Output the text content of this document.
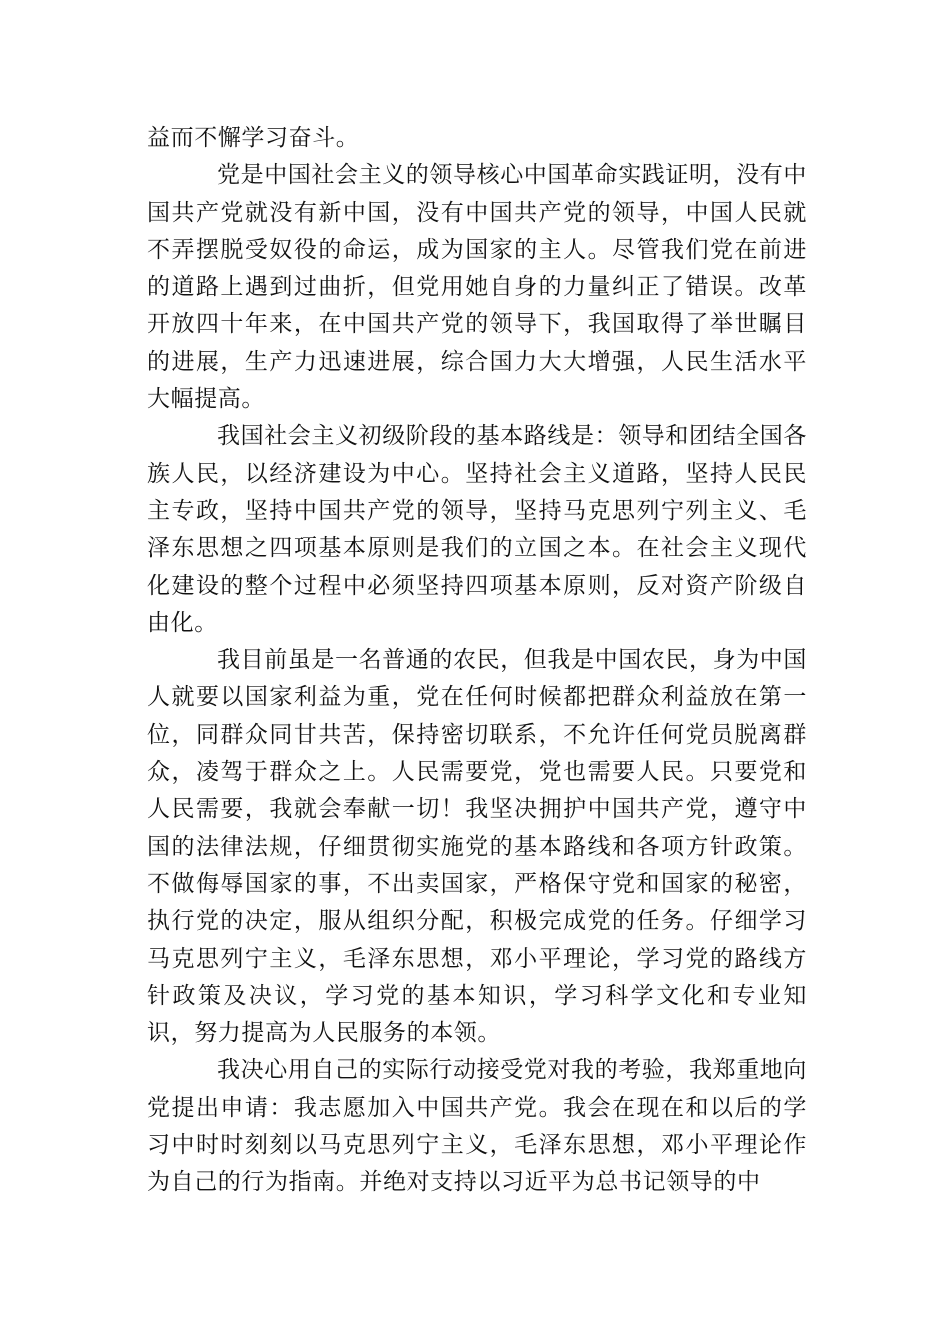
益而不懈学习奋斗。

党是中国社会主义的领导核心中国革命实践证明，没有中国共产党就没有新中国，没有中国共产党的领导，中国人民就不弄摆脱受奴役的命运，成为国家的主人。尽管我们党在前进的道路上遇到过曲折，但党用她自身的力量纠正了错误。改革开放四十年来，在中国共产党的领导下，我国取得了举世瞩目的进展，生产力迅速进展，综合国力大大增强，人民生活水平大幅提高。

我国社会主义初级阶段的基本路线是：领导和团结全国各族人民，以经济建设为中心。坚持社会主义道路，坚持人民民主专政，坚持中国共产党的领导，坚持马克思列宁列主义、毛泽东思想之四项基本原则是我们的立国之本。在社会主义现代化建设的整个过程中必须坚持四项基本原则，反对资产阶级自由化。

我目前虽是一名普通的农民，但我是中国农民，身为中国人就要以国家利益为重，党在任何时候都把群众利益放在第一位，同群众同甘共苦，保持密切联系，不允许任何党员脱离群众，凌驾于群众之上。人民需要党，党也需要人民。只要党和人民需要，我就会奉献一切！我坚决拥护中国共产党，遵守中国的法律法规，仔细贯彻实施党的基本路线和各项方针政策。不做侮辱国家的事，不出卖国家，严格保守党和国家的秘密，执行党的决定，服从组织分配，积极完成党的任务。仔细学习马克思列宁主义，毛泽东思想，邓小平理论，学习党的路线方针政策及决议，学习党的基本知识，学习科学文化和专业知识，努力提高为人民服务的本领。

我决心用自己的实际行动接受党对我的考验，我郑重地向党提出申请：我志愿加入中国共产党。我会在现在和以后的学习中时时刻刻以马克思列宁主义，毛泽东思想，邓小平理论作为自己的行为指南。并绝对支持以习近平为总书记领导的中
